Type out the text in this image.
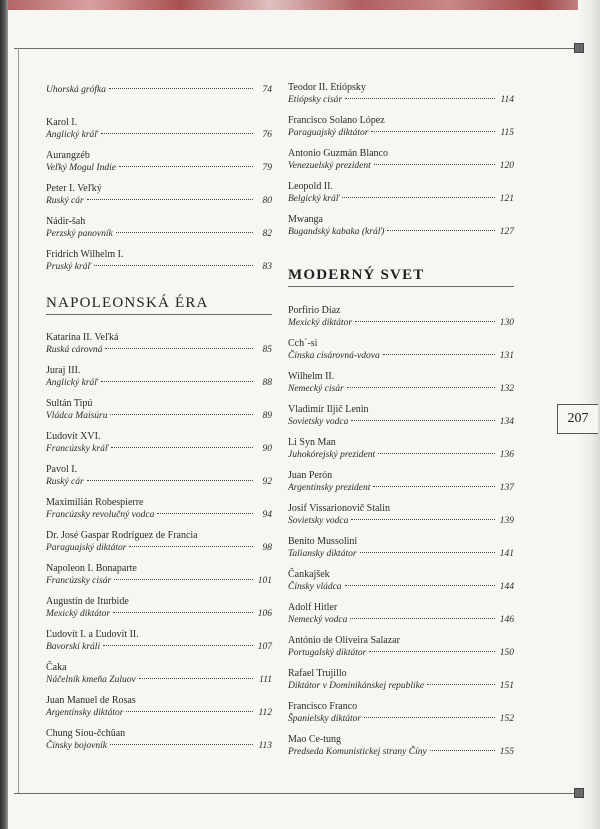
207
Uhorská grófka	74
Karol I.
Anglický kráľ	76
Aurangzéb
Veľký Mogul Indie	79
Peter I. Veľký
Ruský cár	80
Nádir-šah
Perzský panovník	82
Fridrich Wilhelm I.
Pruský kráľ	83
NAPOLEONSKÁ ÉRA
Katarína II. Veľká
Ruská cárovná	85
Juraj III.
Anglický kráľ	88
Sultán Tipú
Vládca Maisúru	89
Ľudovít XVI.
Francúzsky kráľ	90
Pavol I.
Ruský cár	92
Maximilián Robespierre
Francúzsky revolučný vodca	94
Dr. José Gaspar Rodríguez de Francia
Paraguajský diktátor	98
Napoleon I. Bonaparte
Francúzsky cisár	101
Augustín de Iturbide
Mexický diktátor	106
Ľudovít I. a Ľudovít II.
Bavorskí králi	107
Čaka
Náčelník kmeňa Zuluov	111
Juan Manuel de Rosas
Argentínsky diktátor	112
Chung Siou-čchüan
Čínsky bojovník	113
Teodor II. Etiópsky
Etiópsky cisár	114
Francisco Solano López
Paraguajský diktátor	115
Antonio Guzmán Blanco
Venezuelský prezident	120
Leopold II.
Belgický kráľ	121
Mwanga
Bugandský kabaka (kráľ)	127
MODERNÝ SVET
Porfirio Díaz
Mexický diktátor	130
Cch´-si
Čínska cisárovná-vdova	131
Wilhelm II.
Nemecký cisár	132
Vladimír Iljič Lenin
Sovietsky vodca	134
Li Syn Man
Juhokórejský prezident	136
Juan Perón
Argentínsky prezident	137
Josif Vissarionovič Stalin
Sovietsky vodca	139
Benito Mussolini
Taliansky diktátor	141
Čankajšek
Čínsky vládca	144
Adolf Hitler
Nemecký vodca	146
António de Oliveira Salazar
Portugalský diktátor	150
Rafael Trujillo
Diktátor v Dominikánskej republike	151
Francisco Franco
Španielsky diktátor	152
Mao Ce-tung
Predseda Komunistickej strany Číny	155
